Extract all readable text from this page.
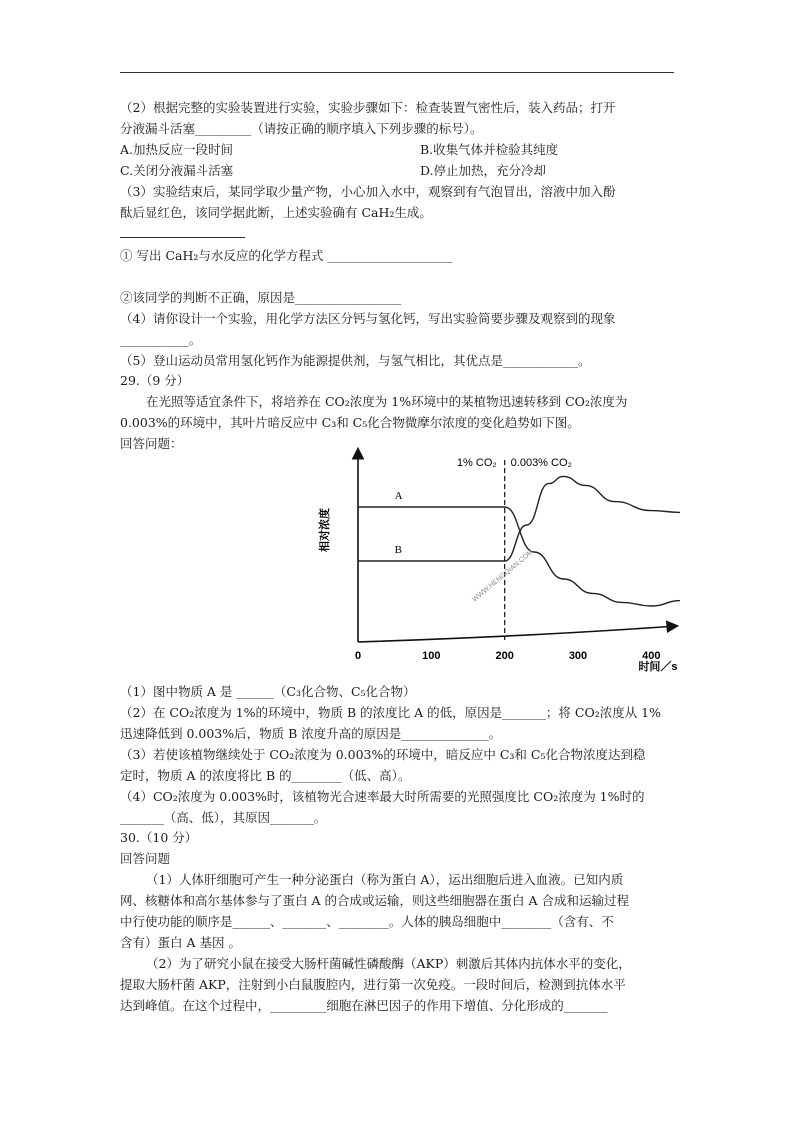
（2）根据完整的实验装置进行实验，实验步骤如下：检查装置气密性后，装入药品；打开
分液漏斗活塞_________（请按正确的顺序填入下列步骤的标号）。
A.加热反应一段时间	B.收集气体并检验其纯度
C.关闭分液漏斗活塞	D.停止加热，充分冷却
（3）实验结束后，某同学取少量产物，小心加入水中，观察到有气泡冒出，溶液中加入酚
酞后显红色，该同学据此断，上述实验确有 CaH₂生成。
① 写出 CaH₂与水反应的化学方程式 ____________________
②该同学的判断不正确，原因是_________________
（4）请你设计一个实验，用化学方法区分钙与氢化钙，写出实验简要步骤及观察到的现象
___________。
（5）登山运动员常用氢化钙作为能源提供剂，与氢气相比，其优点是____________。
29.（9 分）
在光照等适宜条件下，将培养在 CO₂浓度为 1%环境中的某植物迅速转移到 CO₂浓度为
0.003%的环境中，其叶片暗反应中 C₃和 C₅化合物微摩尔浓度的变化趋势如下图。
回答问题：
0	100	200	300	400
相对浓度
时间／s
1% CO₂ 0.003% CO₂
A
B	WWW.HENGQIAN.COM
（1）图中物质 A 是 ______（C₃化合物、C₅化合物）
（2）在 CO₂浓度为 1%的环境中，物质 B 的浓度比 A 的低，原因是_______；将 CO₂浓度从 1%
迅速降低到 0.003%后，物质 B 浓度升高的原因是______________。
（3）若使该植物继续处于 CO₂浓度为 0.003%的环境中，暗反应中 C₃和 C₅化合物浓度达到稳
定时，物质 A 的浓度将比 B 的________（低、高）。
（4）CO₂浓度为 0.003%时，该植物光合速率最大时所需要的光照强度比 CO₂浓度为 1%时的
_______（高、低），其原因_______。
30.（10 分）
回答问题
（1）人体肝细胞可产生一种分泌蛋白（称为蛋白 A），运出细胞后进入血液。已知内质
网、核糖体和高尔基体参与了蛋白 A 的合成或运输，则这些细胞器在蛋白 A 合成和运输过程
中行使功能的顺序是______、_______、________。人体的胰岛细胞中________（含有、不
含有）蛋白 A 基因 。
（2）为了研究小鼠在接受大肠杆菌碱性磷酸酶（AKP）刺激后其体内抗体水平的变化，
提取大肠杆菌 AKP，注射到小白鼠腹腔内，进行第一次免疫。一段时间后，检测到抗体水平
达到峰值。在这个过程中，_________细胞在淋巴因子的作用下增值、分化形成的_______
